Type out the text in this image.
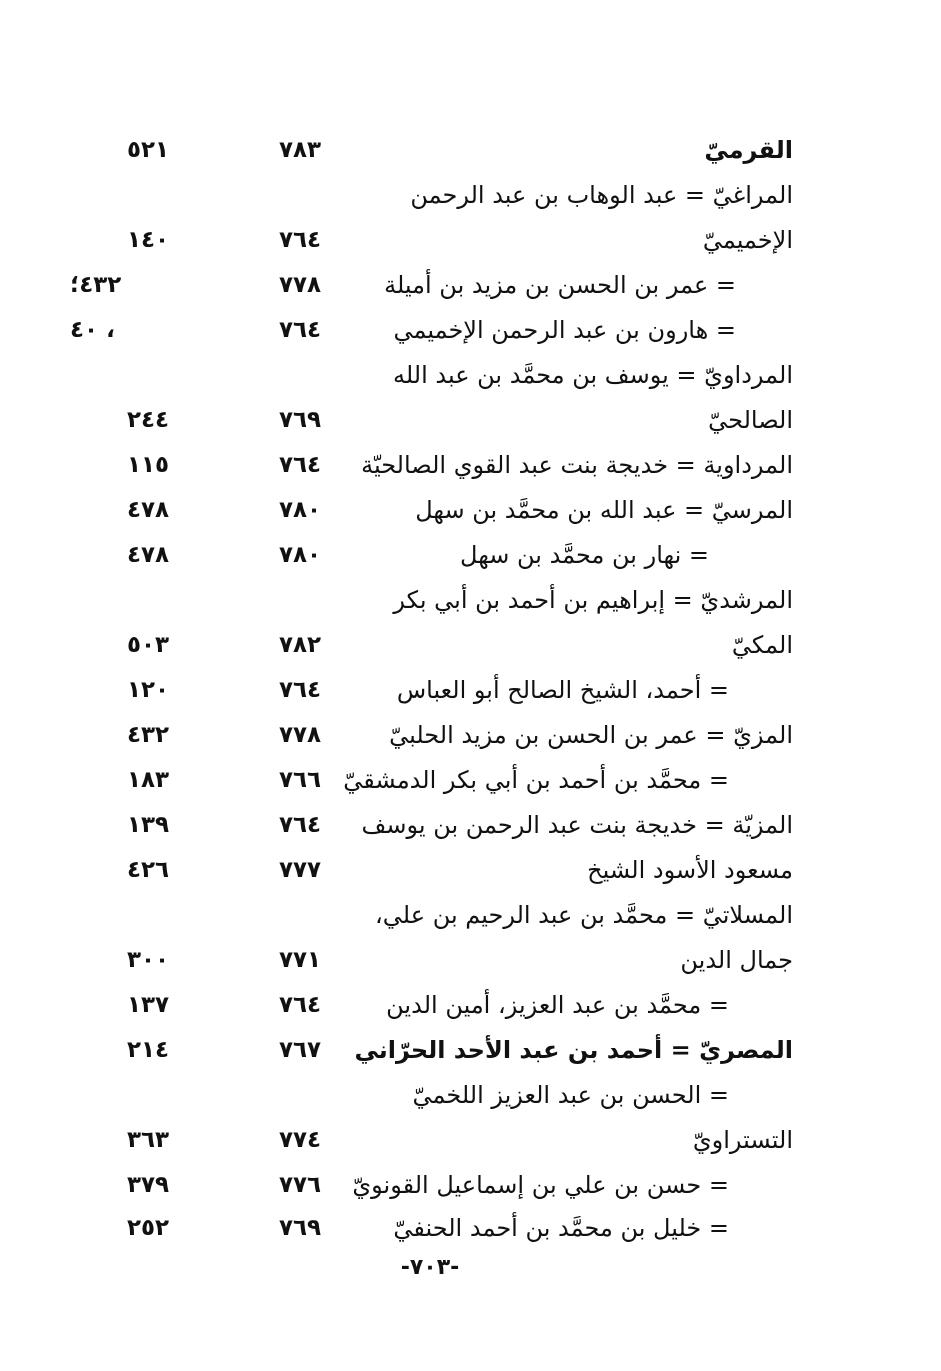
القرميّ
٧٨٣
٥٢١
المراغيّ = عبد الوهاب بن عبد الرحمن
الإخميميّ
٧٦٤
١٤٠
= عمر بن الحسن بن مزيد بن أميلة
٧٧٨
٤٣٢؛
= هارون بن عبد الرحمن الإخميمي
٧٦٤
، ٤٠
المرداويّ = يوسف بن محمَّد بن عبد الله
الصالحيّ
٧٦٩
٢٤٤
المرداوية = خديجة بنت عبد القوي الصالحيّة
٧٦٤
١١٥
المرسيّ = عبد الله بن محمَّد بن سهل
٧٨٠
٤٧٨
= نهار بن محمَّد بن سهل
٧٨٠
٤٧٨
المرشديّ = إبراهيم بن أحمد بن أبي بكر
المكيّ
٧٨٢
٥٠٣
= أحمد، الشيخ الصالح أبو العباس
٧٦٤
١٢٠
المزيّ = عمر بن الحسن بن مزيد الحلبيّ
٧٧٨
٤٣٢
= محمَّد بن أحمد بن أبي بكر الدمشقيّ
٧٦٦
١٨٣
المزيّة = خديجة بنت عبد الرحمن بن يوسف
٧٦٤
١٣٩
مسعود الأسود الشيخ
٧٧٧
٤٢٦
المسلاتيّ = محمَّد بن عبد الرحيم بن علي،
جمال الدين
٧٧١
٣٠٠
= محمَّد بن عبد العزيز، أمين الدين
٧٦٤
١٣٧
المصريّ = أحمد بن عبد الأحد الحرّاني
٧٦٧
٢١٤
= الحسن بن عبد العزيز اللخميّ
التستراويّ
٧٧٤
٣٦٣
= حسن بن علي بن إسماعيل القونويّ
٧٧٦
٣٧٩
= خليل بن محمَّد بن أحمد الحنفيّ
٧٦٩
٢٥٢
-٧٠٣-
